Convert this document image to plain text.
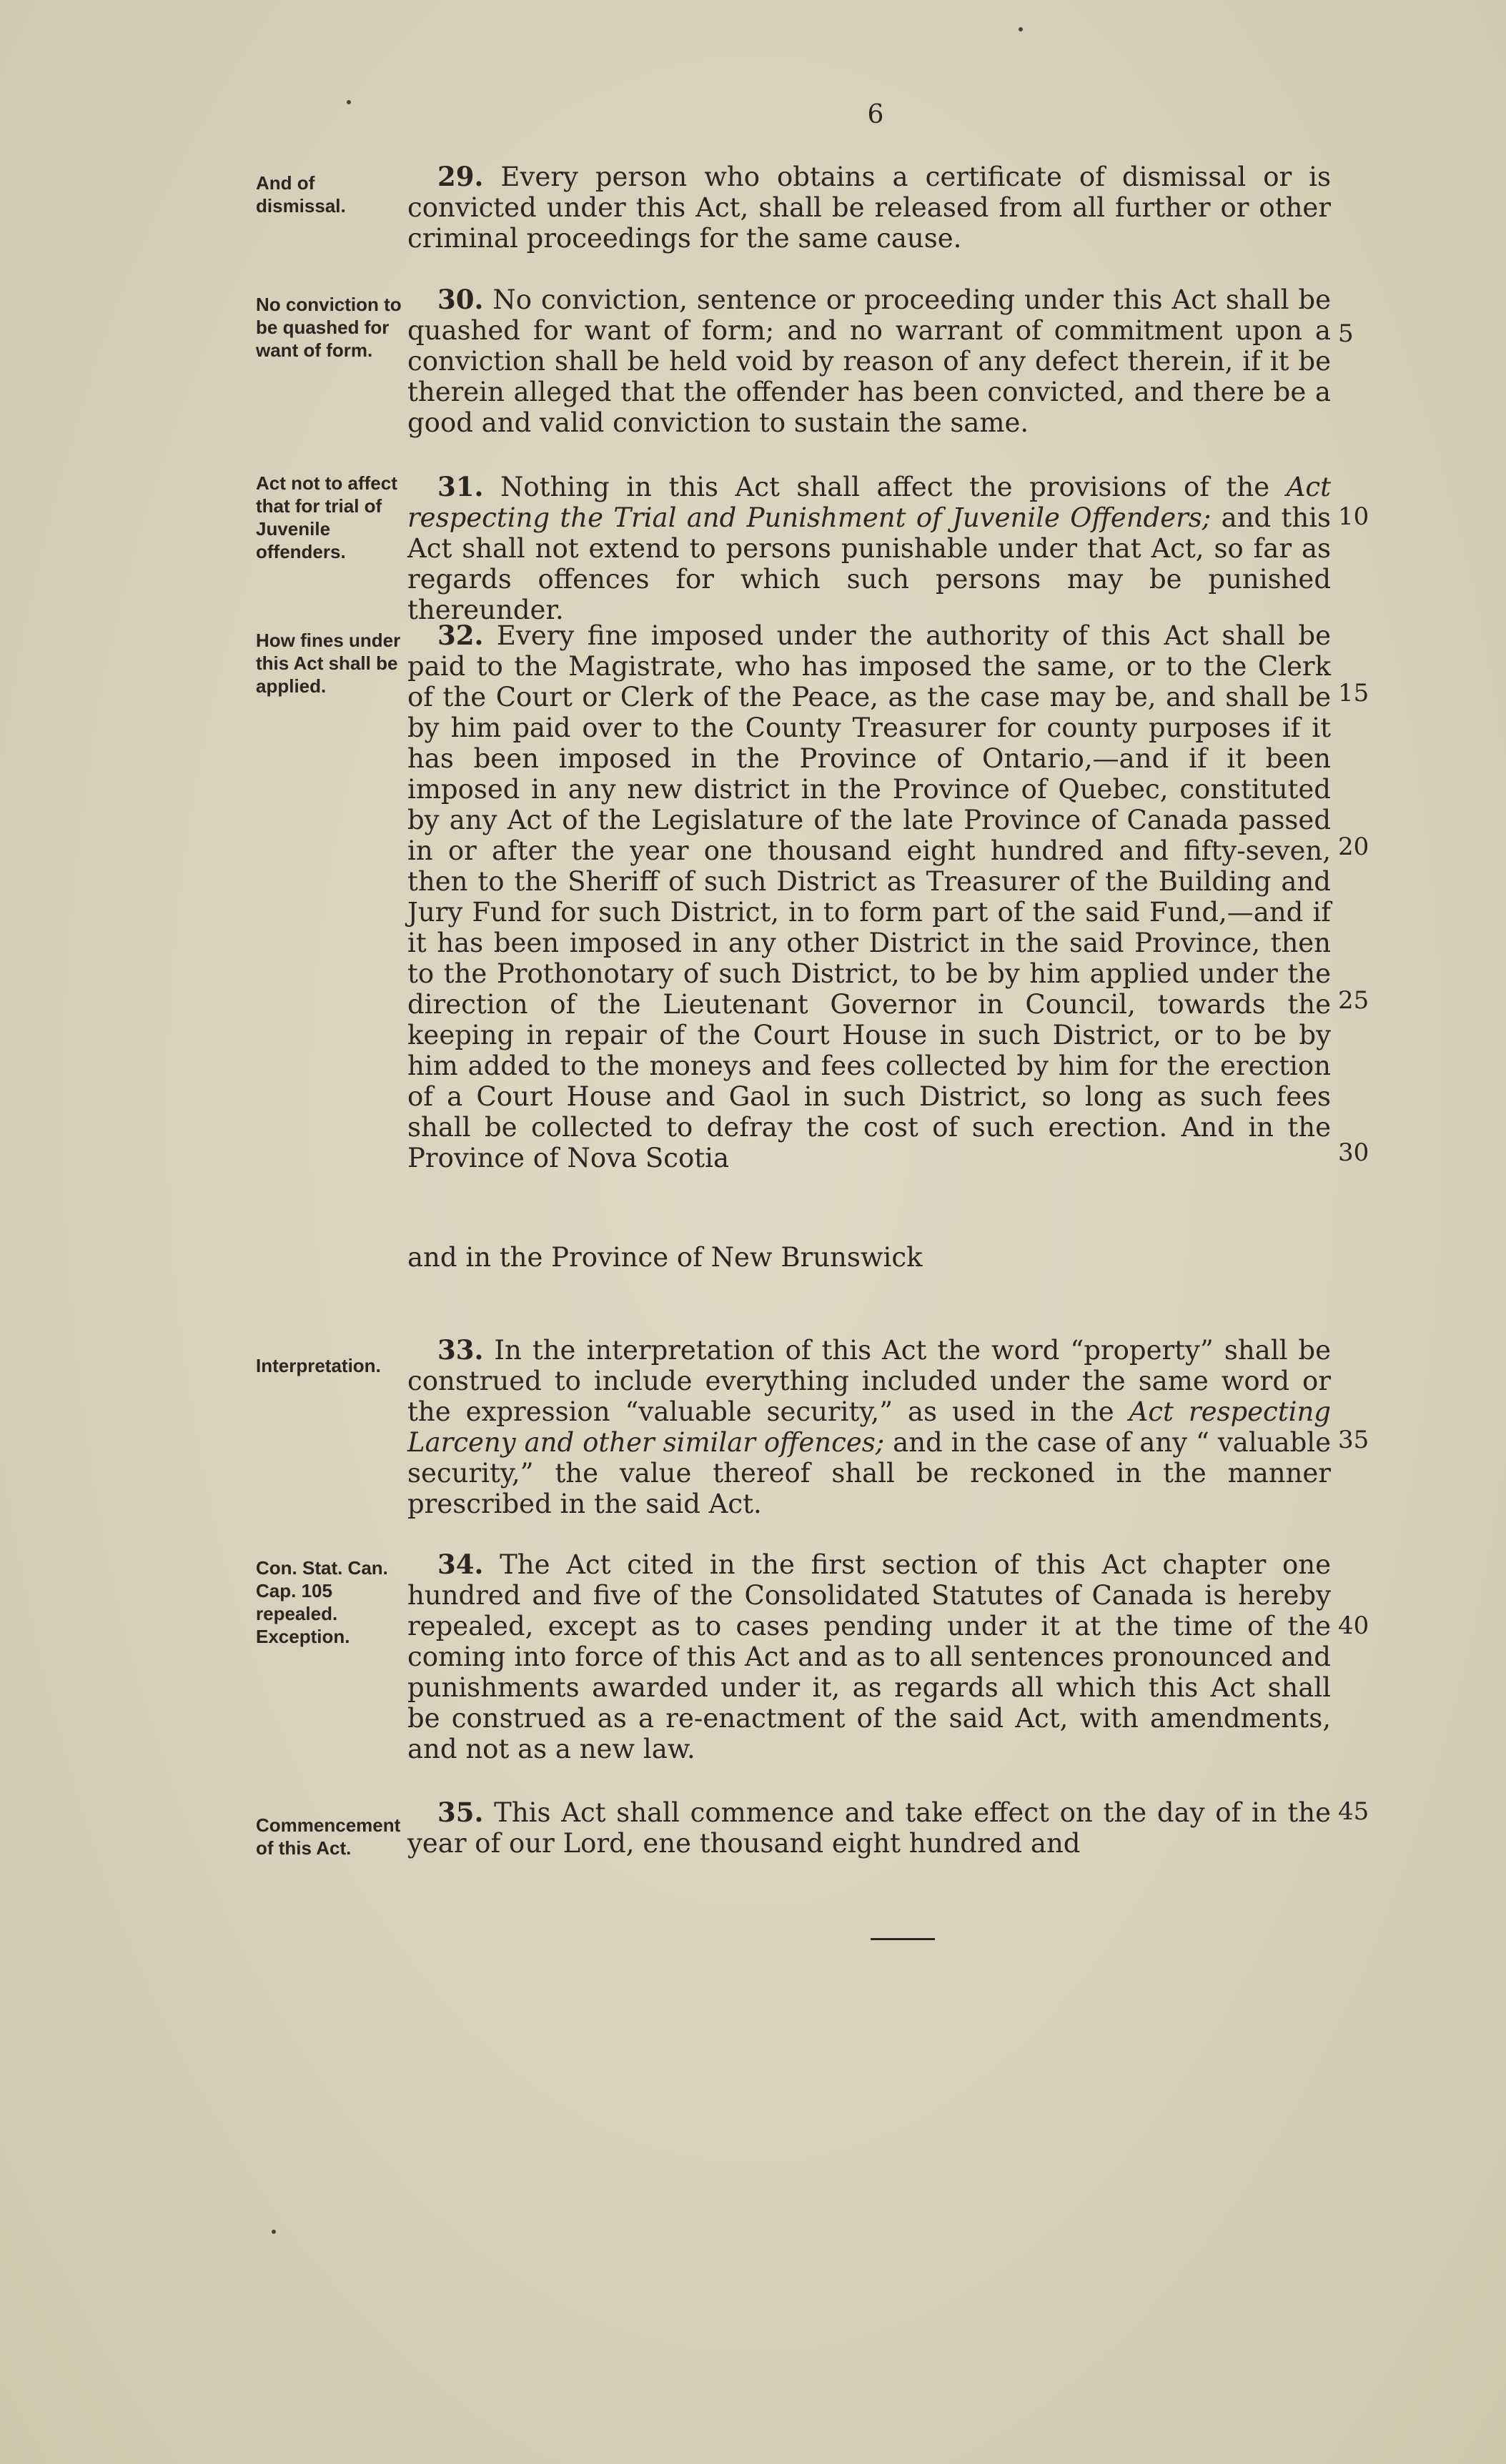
6
And of dismissal.
29. Every person who obtains a certificate of dismissal or is convicted under this Act, shall be released from all further or other criminal proceedings for the same cause.
No conviction to be quashed for want of form.
30. No conviction, sentence or proceeding under this Act shall be quashed for want of form; and no warrant of commitment upon a conviction shall be held void by reason of any defect therein, if it be therein alleged that the offender has been convicted, and there be a good and valid conviction to sustain the same.
Act not to affect that for trial of Juvenile offenders.
31. Nothing in this Act shall affect the provisions of the Act respecting the Trial and Punishment of Juvenile Offenders; and this Act shall not extend to persons punishable under that Act, so far as regards offences for which such persons may be punished thereunder.
How fines under this Act shall be applied.
32. Every fine imposed under the authority of this Act shall be paid to the Magistrate, who has imposed the same, or to the Clerk of the Court or Clerk of the Peace, as the case may be, and shall be by him paid over to the County Treasurer for county purposes if it has been imposed in the Province of Ontario,—and if it been imposed in any new district in the Province of Quebec, constituted by any Act of the Legislature of the late Province of Canada passed in or after the year one thousand eight hundred and fifty-seven, then to the Sheriff of such District as Treasurer of the Building and Jury Fund for such District, in to form part of the said Fund,—and if it has been imposed in any other District in the said Province, then to the Prothonotary of such District, to be by him applied under the direction of the Lieutenant Governor in Council, towards the keeping in repair of the Court House in such District, or to be by him added to the moneys and fees collected by him for the erection of a Court House and Gaol in such District, so long as such fees shall be collected to defray the cost of such erection. And in the Province of Nova Scotia
and in the Province of New Brunswick
Interpretation.	33. In the interpretation of this Act the word “property” shall be construed to include everything included under the same word or the expression “valuable security,” as used in the Act respecting Larceny and other similar offences; and in the case of any “ valuable security,” the value thereof shall be reckoned in the manner prescribed in the said Act.
Con. Stat. Can. Cap. 105 repealed. Exception.
34. The Act cited in the first section of this Act chapter one hundred and five of the Consolidated Statutes of Canada is hereby repealed, except as to cases pending under it at the time of the coming into force of this Act and as to all sentences pronounced and punishments awarded under it, as regards all which this Act shall be construed as a re-enactment of the said Act, with amendments, and not as a new law.
Commencement of this Act.
35. This Act shall commence and take effect on the day of in the year of our Lord, ene thousand eight hundred and
5
10
15
20
25
30
35
40
45
